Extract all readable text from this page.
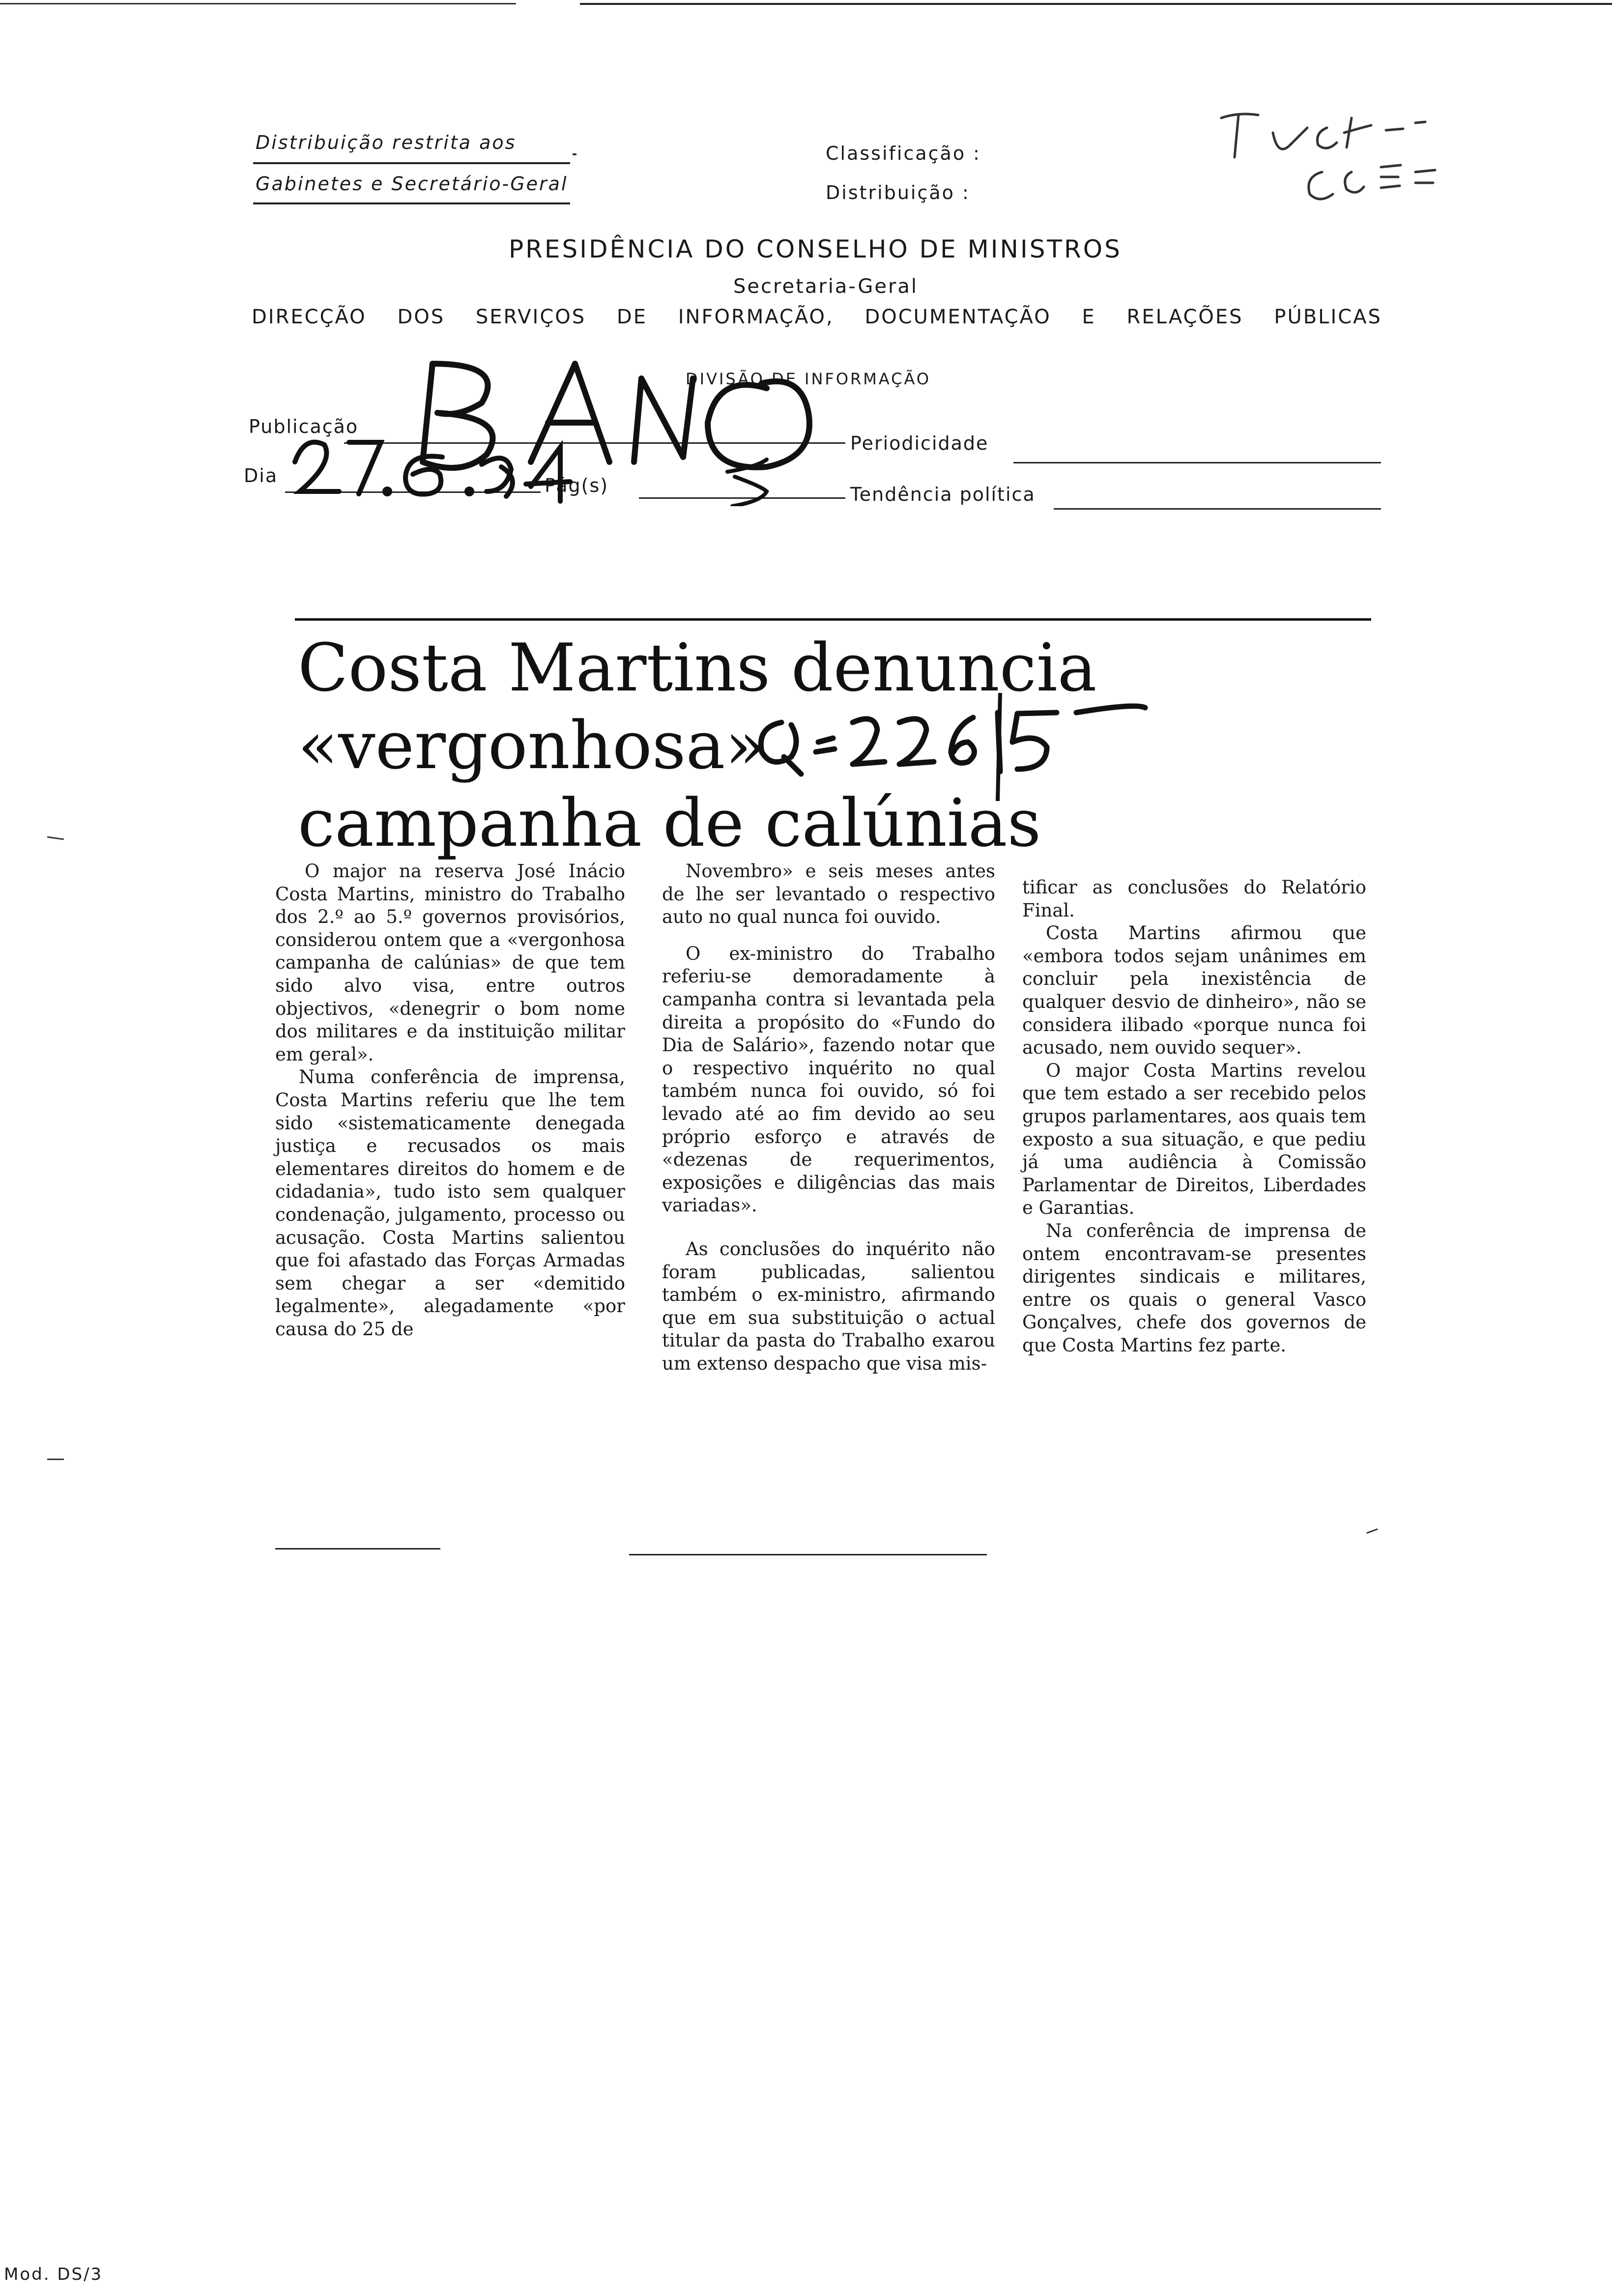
Distribuição restrita aos
Gabinetes e Secretário-Geral
Classificação :
Distribuição :
PRESIDÊNCIA DO CONSELHO DE MINISTROS
Secretaria-Geral
DIRECÇÃO DOS SERVIÇOS DE INFORMAÇÃO, DOCUMENTAÇÃO E RELAÇÕES PÚBLICAS
DIVISÃO DE INFORMAÇÃO
Publicação
Dia	Pág(s)
Periodicidade
Tendência política
Costa Martins denuncia
«vergonhosa»
campanha de calúnias

O major na reserva José Inácio Costa Martins, ministro do Trabalho dos 2.º ao 5.º governos provisórios, considerou ontem que a «vergonhosa campanha de calúnias» de que tem sido alvo visa, entre outros objectivos, «denegrir o bom nome dos militares e da instituição militar em geral».

Numa conferência de imprensa, Costa Martins referiu que lhe tem sido «sistematicamente denegada justiça e recusados os mais elementares direitos do homem e de cidadania», tudo isto sem qualquer condenação, julgamento, processo ou acusação. Costa Martins salientou que foi afastado das Forças Armadas sem chegar a ser «demitido legalmente», alegadamente «por causa do 25 de

Novembro» e seis meses antes de lhe ser levantado o respectivo auto no qual nunca foi ouvido.

O ex-ministro do Trabalho referiu-se demoradamente à campanha contra si levantada pela direita a propósito do «Fundo do Dia de Salário», fazendo notar que o respectivo inquérito no qual também nunca foi ouvido, só foi levado até ao fim devido ao seu próprio esforço e através de «dezenas de requerimentos, exposições e diligências das mais variadas».

As conclusões do inquérito não foram publicadas, salientou também o ex-ministro, afirmando que em sua substituição o actual titular da pasta do Trabalho exarou um extenso despacho que visa mis-

tificar as conclusões do Relatório Final.

Costa Martins afirmou que «embora todos sejam unânimes em concluir pela inexistência de qualquer desvio de dinheiro», não se considera ilibado «porque nunca foi acusado, nem ouvido sequer».

O major Costa Martins revelou que tem estado a ser recebido pelos grupos parlamentares, aos quais tem exposto a sua situação, e que pediu já uma audiência à Comissão Parlamentar de Direitos, Liberdades e Garantias.

Na conferência de imprensa de ontem encontravam-se presentes dirigentes sindicais e militares, entre os quais o general Vasco Gonçalves, chefe dos governos de que Costa Martins fez parte.

Mod. DS/3
